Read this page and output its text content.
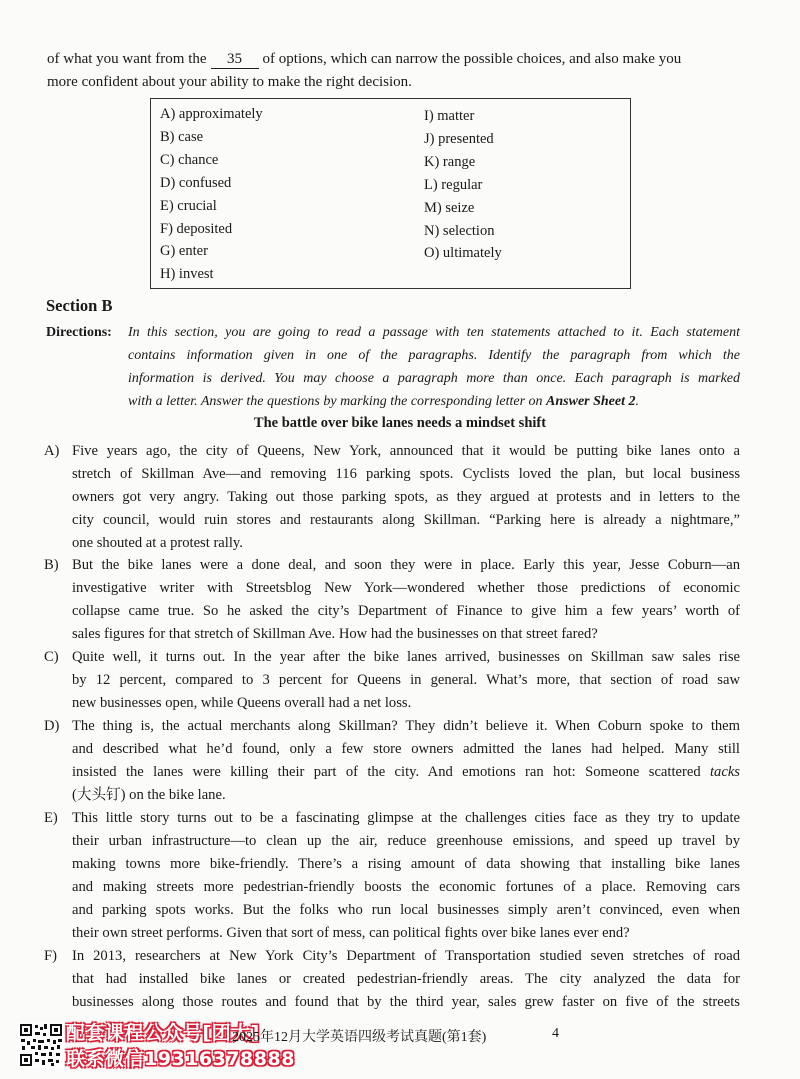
of what you want from the 35 of options, which can narrow the possible choices, and also make you
more confident about your ability to make the right decision.
A) approximately
B) case
C) chance
D) confused
E) crucial
F) deposited
G) enter
H) invest
I) matter
J) presented
K) range
L) regular
M) seize
N) selection
O) ultimately
Section B
Directions: In this section, you are going to read a passage with ten statements attached to it. Each statement
contains information given in one of the paragraphs. Identify the paragraph from which the
information is derived. You may choose a paragraph more than once. Each paragraph is marked
with a letter. Answer the questions by marking the corresponding letter on Answer Sheet 2.
The battle over bike lanes needs a mindset shift
A) Five years ago, the city of Queens, New York, announced that it would be putting bike lanes onto a
stretch of Skillman Ave—and removing 116 parking spots. Cyclists loved the plan, but local business
owners got very angry. Taking out those parking spots, as they argued at protests and in letters to the
city council, would ruin stores and restaurants along Skillman. “Parking here is already a nightmare,”
one shouted at a protest rally.
B) But the bike lanes were a done deal, and soon they were in place. Early this year, Jesse Coburn—an
investigative writer with Streetsblog New York—wondered whether those predictions of economic
collapse came true. So he asked the city’s Department of Finance to give him a few years’ worth of
sales figures for that stretch of Skillman Ave. How had the businesses on that street fared?
C) Quite well, it turns out. In the year after the bike lanes arrived, businesses on Skillman saw sales rise
by 12 percent, compared to 3 percent for Queens in general. What’s more, that section of road saw
new businesses open, while Queens overall had a net loss.
D) The thing is, the actual merchants along Skillman? They didn’t believe it. When Coburn spoke to them
and described what he’d found, only a few store owners admitted the lanes had helped. Many still
insisted the lanes were killing their part of the city. And emotions ran hot: Someone scattered tacks
(大头钉) on the bike lane.
E) This little story turns out to be a fascinating glimpse at the challenges cities face as they try to update
their urban infrastructure—to clean up the air, reduce greenhouse emissions, and speed up travel by
making towns more bike-friendly. There’s a rising amount of data showing that installing bike lanes
and making streets more pedestrian-friendly boosts the economic fortunes of a place. Removing cars
and parking spots works. But the folks who run local businesses simply aren’t convinced, even when
their own street performs. Given that sort of mess, can political fights over bike lanes ever end?
F) In 2013, researchers at New York City’s Department of Transportation studied seven stretches of road
that had installed bike lanes or created pedestrian-friendly areas. The city analyzed the data for
businesses along those routes and found that by the third year, sales grew faster on five of the streets
配套课程公众号[团大]
联系微信19316378888
2025年12月大学英语四级考试真题(第1套)	4
